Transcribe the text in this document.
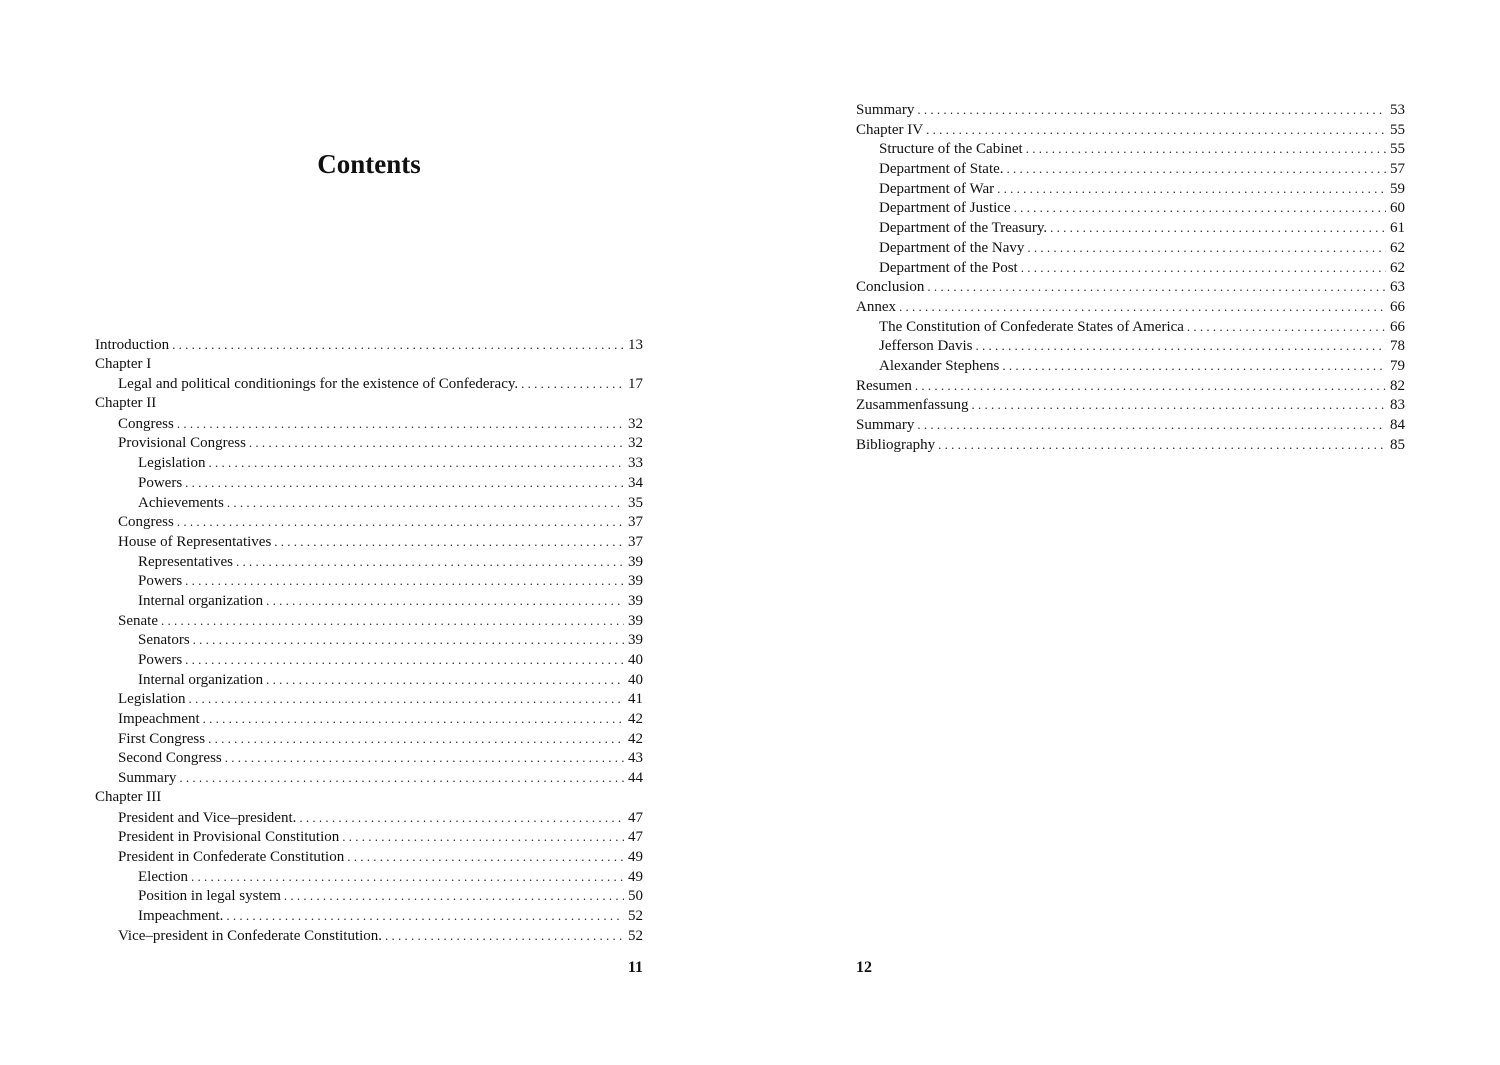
Contents
Introduction . . .	13
Chapter I
Legal and political conditionings for the existence of Confederacy. . . .	17
Chapter II
Congress . . .	32
Provisional Congress . . .	32
Legislation . . .	33
Powers . . .	34
Achievements . . .	35
Congress . . .	37
House of Representatives . . .	37
Representatives . . .	39
Powers . . .	39
Internal organization . . .	39
Senate . . .	39
Senators . . .	39
Powers . . .	40
Internal organization . . .	40
Legislation . . .	41
Impeachment . . .	42
First Congress . . .	42
Second Congress . . .	43
Summary . . .	44
Chapter III
President and Vice–president. . . .	47
President in Provisional Constitution . . .	47
President in Confederate Constitution . . .	49
Election . . .	49
Position in legal system . . .	50
Impeachment. . . .	52
Vice–president in Confederate Constitution. . . .	52

11

Summary . . .	53
Chapter IV . . .	55
Structure of the Cabinet . . .	55
Department of State. . . .	57
Department of War . . .	59
Department of Justice . . .	60
Department of the Treasury. . . .	61
Department of the Navy . . .	62
Department of the Post . . .	62
Conclusion . . .	63
Annex . . .	66
The Constitution of Confederate States of America . . .	66
Jefferson Davis . . .	78
Alexander Stephens . . .	79
Resumen . . .	82
Zusammenfassung . . .	83
Summary . . .	84
Bibliography . . .	85

12
